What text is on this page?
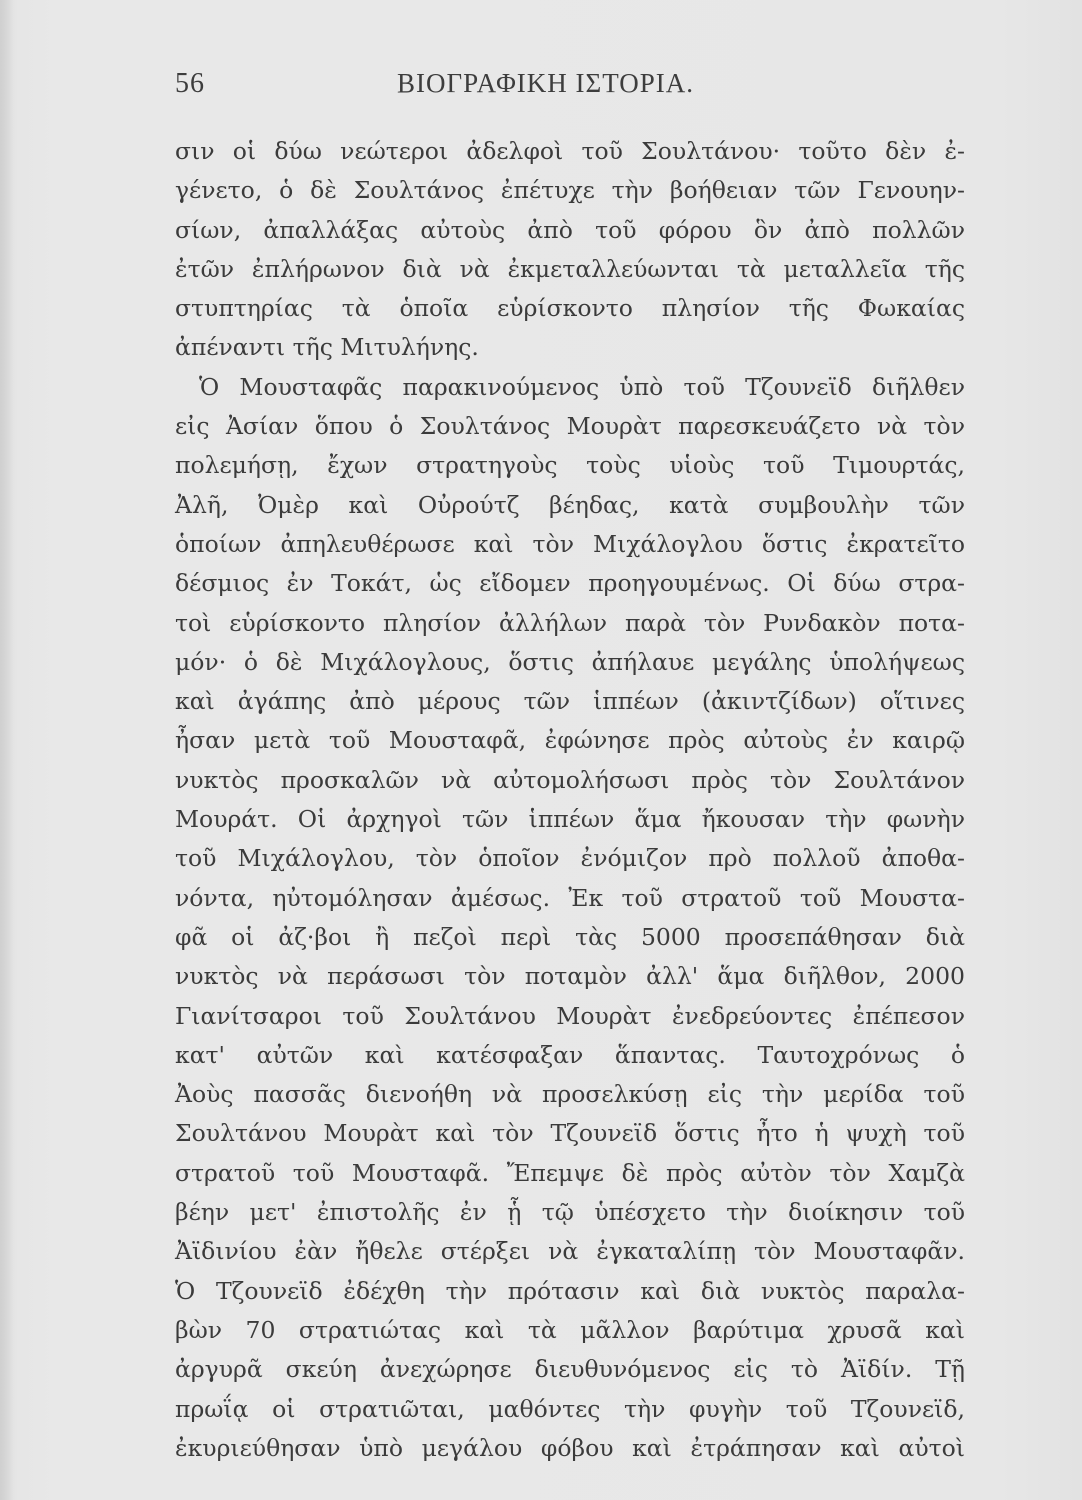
56	ΒΙΟΓΡΑΦΙΚΗ ΙΣΤΟΡΙΑ.
σιν οἱ δύω νεώτεροι ἀδελφοὶ τοῦ Σουλτάνου· τοῦτο δὲν ἐ-
γένετο, ὁ δὲ Σουλτάνος ἐπέτυχε τὴν βοήθειαν τῶν Γενουην-
σίων, ἀπαλλάξας αὐτοὺς ἀπὸ τοῦ φόρου ὃν ἀπὸ πολλῶν
ἐτῶν ἐπλήρωνον διὰ νὰ ἐκμεταλλεύωνται τὰ μεταλλεῖα τῆς
στυπτηρίας τὰ ὁποῖα εὑρίσκοντο πλησίον τῆς Φωκαίας
ἀπέναντι τῆς Μιτυλήνης.
Ὁ Μουσταφᾶς παρακινούμενος ὑπὸ τοῦ Τζουνεϊδ διῆλθεν
εἰς Ἀσίαν ὅπου ὁ Σουλτάνος Μουρὰτ παρεσκευάζετο νὰ τὸν
πολεμήσῃ, ἔχων στρατηγοὺς τοὺς υἱοὺς τοῦ Τιμουρτάς,
Ἀλῆ, Ὀμὲρ καὶ Οὐρούτζ βέηδας, κατὰ συμβουλὴν τῶν
ὁποίων ἀπηλευθέρωσε καὶ τὸν Μιχάλογλου ὅστις ἐκρατεῖτο
δέσμιος ἐν Τοκάτ, ὡς εἴδομεν προηγουμένως. Οἱ δύω στρα-
τοὶ εὑρίσκοντο πλησίον ἀλλήλων παρὰ τὸν Ρυνδακὸν ποτα-
μόν· ὁ δὲ Μιχάλογλους, ὅστις ἀπήλαυε μεγάλης ὑπολήψεως
καὶ ἀγάπης ἀπὸ μέρους τῶν ἱππέων (ἀκιντζίδων) οἵτινες
ἦσαν μετὰ τοῦ Μουσταφᾶ, ἐφώνησε πρὸς αὐτοὺς ἐν καιρῷ
νυκτὸς προσκαλῶν νὰ αὐτομολήσωσι πρὸς τὸν Σουλτάνον
Μουράτ. Οἱ ἀρχηγοὶ τῶν ἱππέων ἅμα ἤκουσαν τὴν φωνὴν
τοῦ Μιχάλογλου, τὸν ὁποῖον ἐνόμιζον πρὸ πολλοῦ ἀποθα-
νόντα, ηὐτομόλησαν ἀμέσως. Ἐκ τοῦ στρατοῦ τοῦ Μουστα-
φᾶ οἱ ἀζ·βοι ἢ πεζοὶ περὶ τὰς 5000 προσεπάθησαν διὰ
νυκτὸς νὰ περάσωσι τὸν ποταμὸν ἀλλ' ἅμα διῆλθον, 2000
Γιανίτσαροι τοῦ Σουλτάνου Μουρὰτ ἐνεδρεύοντες ἐπέπεσον
κατ' αὐτῶν καὶ κατέσφαξαν ἅπαντας. Ταυτοχρόνως ὁ
Ἀοὺς πασσᾶς διενοήθη νὰ προσελκύσῃ εἰς τὴν μερίδα τοῦ
Σουλτάνου Μουρὰτ καὶ τὸν Τζουνεϊδ ὅστις ἦτο ἡ ψυχὴ τοῦ
στρατοῦ τοῦ Μουσταφᾶ. Ἔπεμψε δὲ πρὸς αὐτὸν τὸν Χαμζὰ
βέην μετ' ἐπιστολῆς ἐν ᾗ τῷ ὑπέσχετο τὴν διοίκησιν τοῦ
Ἀϊδινίου ἐὰν ἤθελε στέρξει νὰ ἐγκαταλίπῃ τὸν Μουσταφᾶν.
Ὁ Τζουνεϊδ ἐδέχθη τὴν πρότασιν καὶ διὰ νυκτὸς παραλα-
βὼν 70 στρατιώτας καὶ τὰ μᾶλλον βαρύτιμα χρυσᾶ καὶ
ἀργυρᾶ σκεύη ἀνεχώρησε διευθυνόμενος εἰς τὸ Ἀϊδίν. Τῇ
πρωΐᾳ οἱ στρατιῶται, μαθόντες τὴν φυγὴν τοῦ Τζουνεϊδ,
ἐκυριεύθησαν ὑπὸ μεγάλου φόβου καὶ ἐτράπησαν καὶ αὐτοὶ
